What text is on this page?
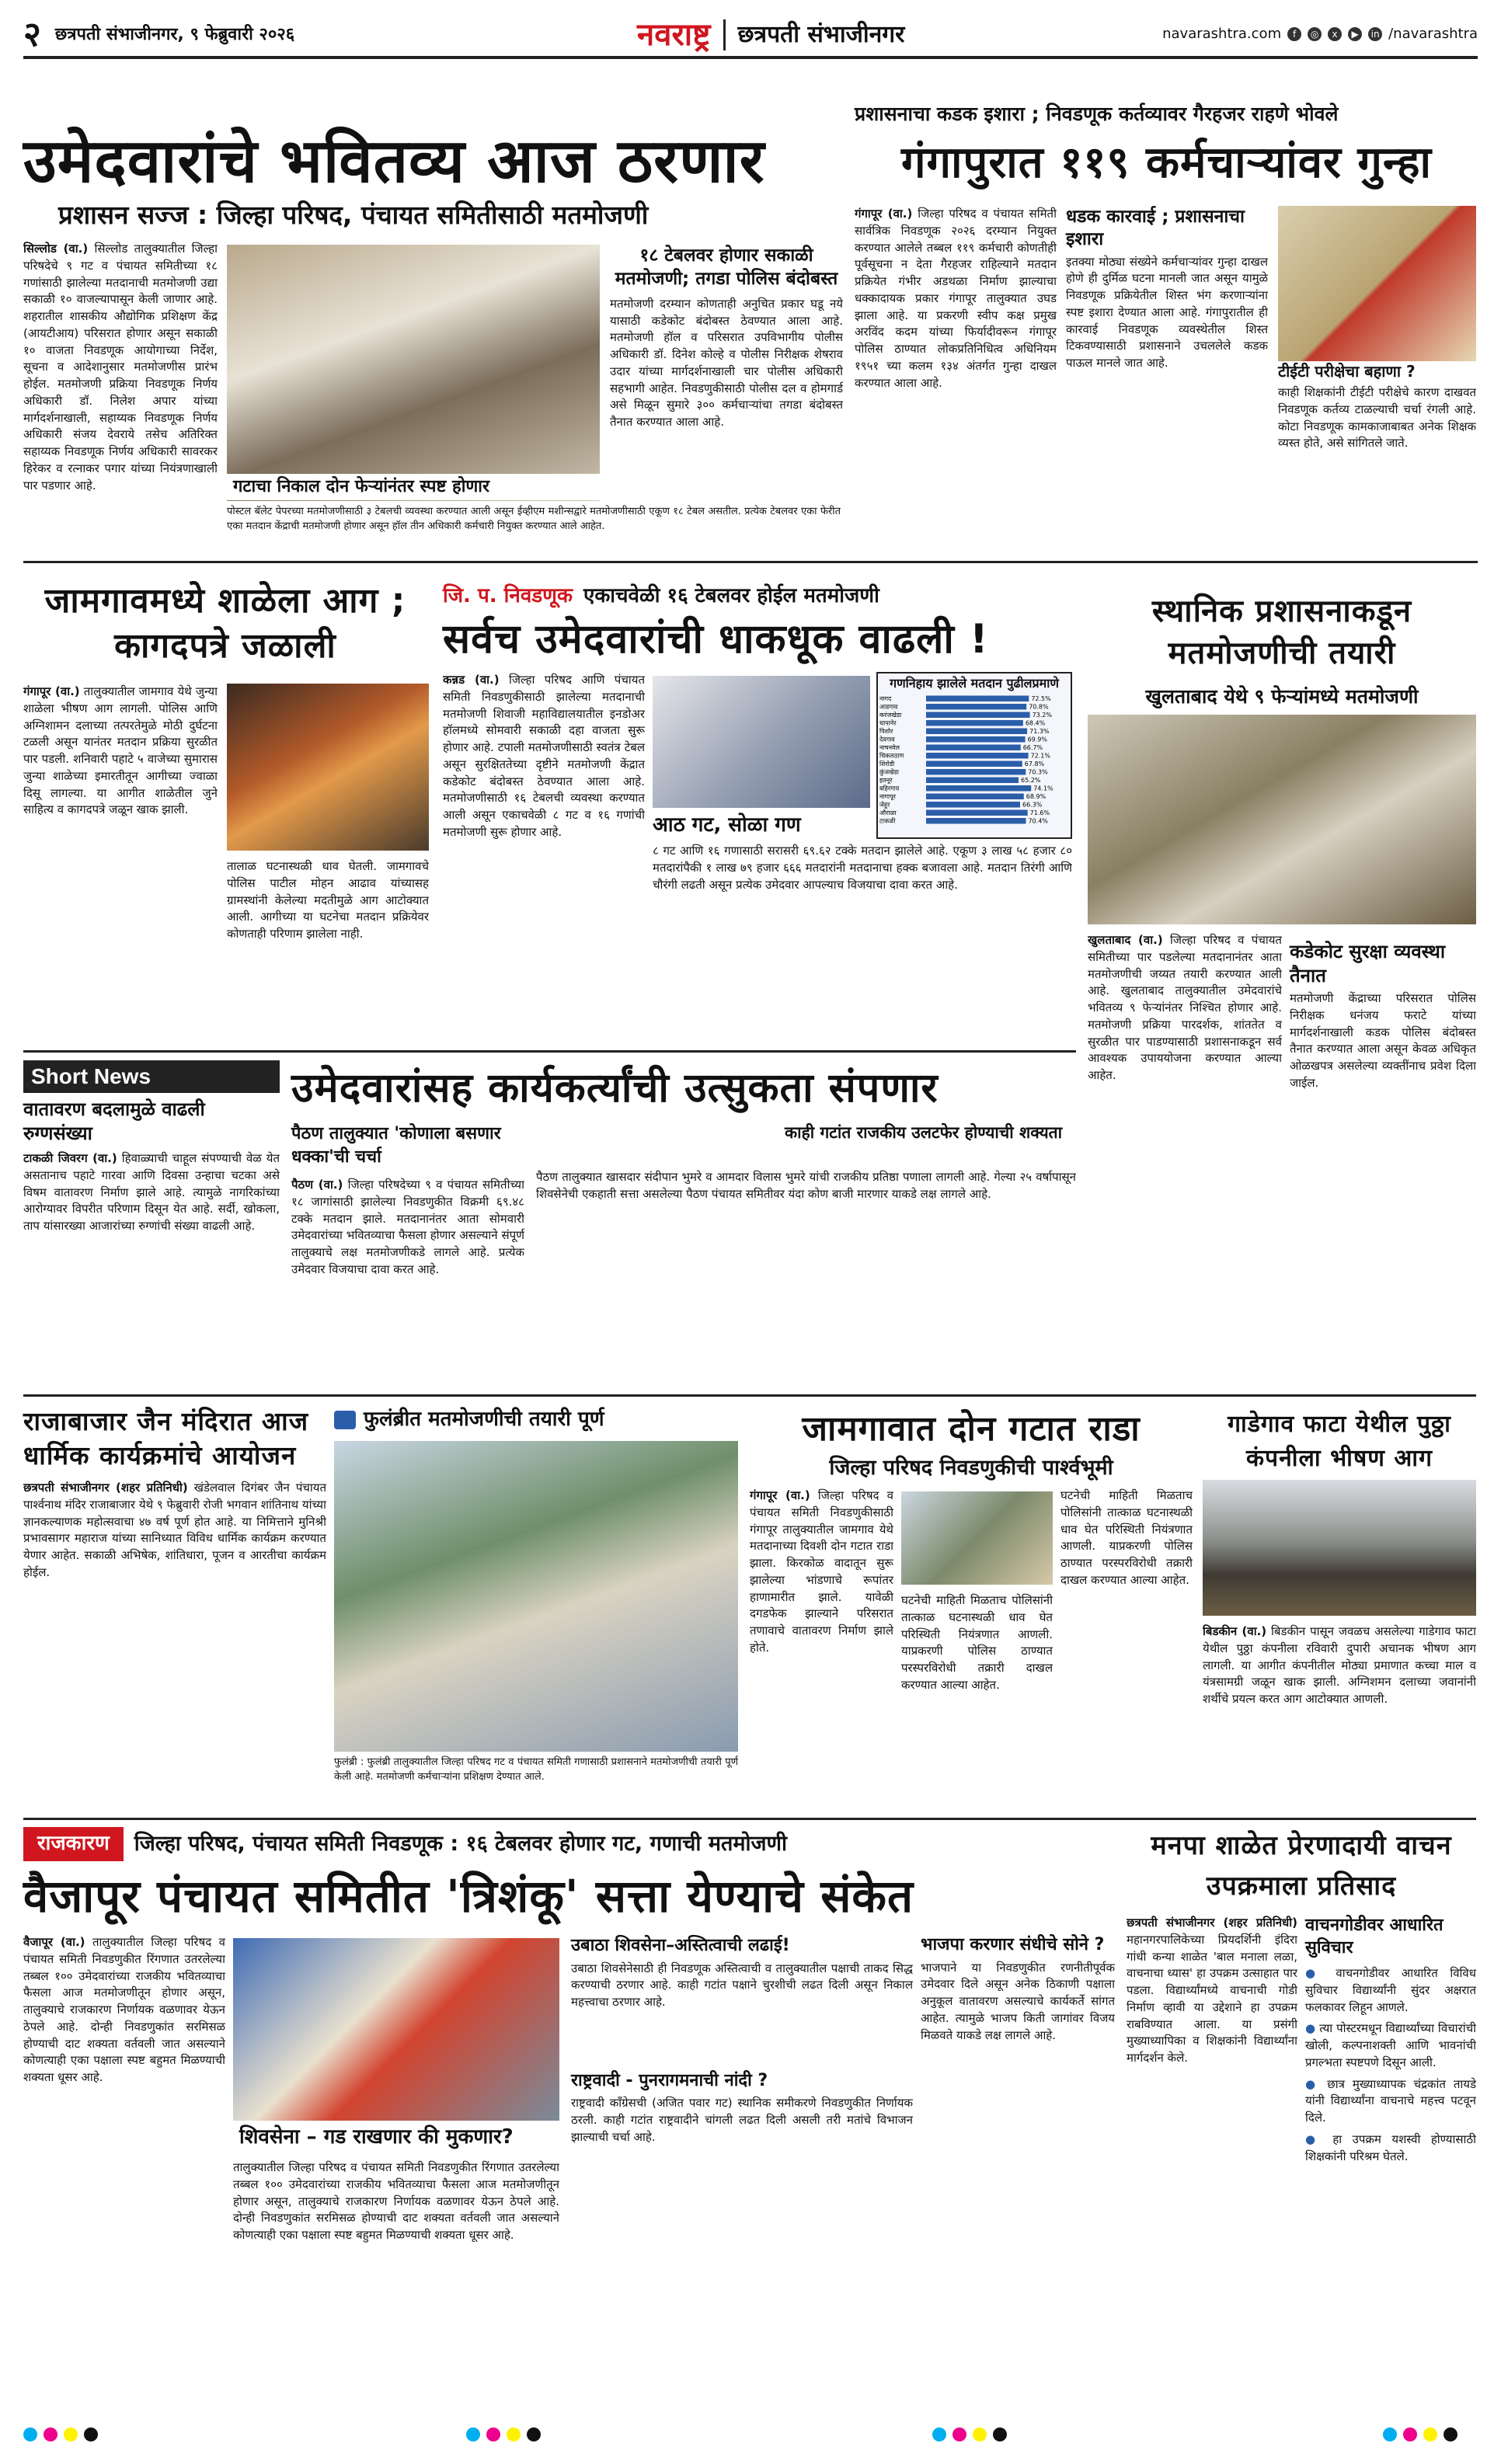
२ छत्रपती संभाजीनगर, ९ फेब्रुवारी २०२६	नवराष्ट्र	छत्रपती संभाजीनगर	navarashtra.com	f	◎	x	▶	in /navarashtra
उमेदवारांचे भवितव्य आज ठरणार
प्रशासन सज्ज : जिल्हा परिषद, पंचायत समितीसाठी मतमोजणी
सिल्लोड (वा.) सिल्लोड तालुक्यातील जिल्हा परिषदेचे ९ गट व पंचायत समितीच्या १८ गणांसाठी झालेल्या मतदानाची मतमोजणी उद्या सकाळी १० वाजल्यापासून केली जाणार आहे. शहरातील शासकीय औद्योगिक प्रशिक्षण केंद्र (आयटीआय) परिसरात होणार असून सकाळी १० वाजता निवडणूक आयोगाच्या निर्देश, सूचना व आदेशानुसार मतमोजणीस प्रारंभ होईल. मतमोजणी प्रक्रिया निवडणूक निर्णय अधिकारी डॉ. निलेश अपार यांच्या मार्गदर्शनाखाली, सहाय्यक निवडणूक निर्णय अधिकारी संजय देवराये तसेच अतिरिक्त सहाय्यक निवडणूक निर्णय अधिकारी सावरकर हिरेकर व रत्नाकर पगार यांच्या नियंत्रणाखाली पार पडणार आहे.	गटाचा निकाल दोन फेऱ्यांनंतर स्पष्ट होणार
पोस्टल बॅलेट पेपरच्या मतमोजणीसाठी ३ टेबलची व्यवस्था करण्यात आली असून ईव्हीएम मशीन्सद्वारे मतमोजणीसाठी एकूण १८ टेबल असतील. प्रत्येक टेबलवर एका फेरीत एका मतदान केंद्राची मतमोजणी होणार असून हॉल तीन अधिकारी कर्मचारी नियुक्त करण्यात आले आहेत.
१८ टेबलवर होणार सकाळी मतमोजणी; तगडा पोलिस बंदोबस्त
मतमोजणी दरम्यान कोणताही अनुचित प्रकार घडू नये यासाठी कडेकोट बंदोबस्त ठेवण्यात आला आहे. मतमोजणी हॉल व परिसरात उपविभागीय पोलीस अधिकारी डॉ. दिनेश कोल्हे व पोलीस निरीक्षक शेषराव उदार यांच्या मार्गदर्शनाखाली चार पोलीस अधिकारी सहभागी आहेत. निवडणुकीसाठी पोलीस दल व होमगार्ड असे मिळून सुमारे ३०० कर्मचाऱ्यांचा तगडा बंदोबस्त तैनात करण्यात आला आहे.
प्रशासनाचा कडक इशारा ; निवडणूक कर्तव्यावर गैरहजर राहणे भोवले
गंगापुरात ११९ कर्मचाऱ्यांवर गुन्हा
गंगापूर (वा.) जिल्हा परिषद व पंचायत समिती सार्वत्रिक निवडणूक २०२६ दरम्यान नियुक्त करण्यात आलेले तब्बल ११९ कर्मचारी कोणतीही पूर्वसूचना न देता गैरहजर राहिल्याने मतदान प्रक्रियेत गंभीर अडथळा निर्माण झाल्याचा धक्कादायक प्रकार गंगापूर तालुक्यात उघड झाला आहे. या प्रकरणी स्वीप कक्ष प्रमुख अरविंद कदम यांच्या फिर्यादीवरून गंगापूर पोलिस ठाण्यात लोकप्रतिनिधित्व अधिनियम १९५१ च्या कलम १३४ अंतर्गत गुन्हा दाखल करण्यात आला आहे.
धडक कारवाई ; प्रशासनाचा इशारा
इतक्या मोठ्या संख्येने कर्मचाऱ्यांवर गुन्हा दाखल होणे ही दुर्मिळ घटना मानली जात असून यामुळे निवडणूक प्रक्रियेतील शिस्त भंग करणाऱ्यांना स्पष्ट इशारा देण्यात आला आहे. गंगापुरातील ही कारवाई निवडणूक व्यवस्थेतील शिस्त टिकवण्यासाठी प्रशासनाने उचललेले कडक पाऊल मानले जात आहे.	टीईटी परीक्षेचा बहाणा ?
काही शिक्षकांनी टीईटी परीक्षेचे कारण दाखवत निवडणूक कर्तव्य टाळल्याची चर्चा रंगली आहे. कोटा निवडणूक कामकाजाबाबत अनेक शिक्षक व्यस्त होते, असे सांगितले जाते.
जामगावमध्ये शाळेला आग ; कागदपत्रे जळाली
गंगापूर (वा.) तालुक्यातील जामगाव येथे जुन्या शाळेला भीषण आग लागली. पोलिस आणि अग्निशामन दलाच्या तत्परतेमुळे मोठी दुर्घटना टळली असून यानंतर मतदान प्रक्रिया सुरळीत पार पडली. शनिवारी पहाटे ५ वाजेच्या सुमारास जुन्या शाळेच्या इमारतीतून आगीच्या ज्वाळा दिसू लागल्या. या आगीत शाळेतील जुने साहित्य व कागदपत्रे जळून खाक झाली.
तालाळ घटनास्थळी धाव घेतली. जामगावचे पोलिस पाटील मोहन आढाव यांच्यासह ग्रामस्थांनी केलेल्या मदतीमुळे आग आटोक्यात आली. आगीच्या या घटनेचा मतदान प्रक्रियेवर कोणताही परिणाम झालेला नाही.
जि. प. निवडणूक एकाचवेळी १६ टेबलवर होईल मतमोजणी
सर्वच उमेदवारांची धाकधूक वाढली !
कन्नड (वा.) जिल्हा परिषद आणि पंचायत समिती निवडणुकीसाठी झालेल्या मतदानाची मतमोजणी शिवाजी महाविद्यालयातील इनडोअर हॉलमध्ये सोमवारी सकाळी दहा वाजता सुरू होणार आहे. टपाली मतमोजणीसाठी स्वतंत्र टेबल असून सुरक्षिततेच्या दृष्टीने मतमोजणी केंद्रात कडेकोट बंदोबस्त ठेवण्यात आला आहे. मतमोजणीसाठी १६ टेबलची व्यवस्था करण्यात आली असून एकाचवेळी ८ गट व १६ गणांची मतमोजणी सुरू होणार आहे.	आठ गट, सोळा गण
८ गट आणि १६ गणासाठी सरासरी ६९.६२ टक्के मतदान झालेले आहे. एकूण ३ लाख ५८ हजार ८० मतदारांपैकी १ लाख ७९ हजार ६६६ मतदारांनी मतदानाचा हक्क बजावला आहे. मतदान तिरंगी आणि चौरंगी लढती असून प्रत्येक उमेदवार आपल्याच विजयाचा दावा करत आहे.
गणनिहाय झालेले मतदान पुढीलप्रमाणे
नागद	72.5%
आडगाव	70.8%
करंजखेडा	73.2%
चापानेर	68.4%
पिशोर	71.3%
देवगाव	69.9%
नाचनवेल	66.7%
चिकलठाण	72.1%
शिरोडी	67.8%
कुंजखेडा	70.3%
हतनूर	65.2%
बहिरगाव	74.1%
नागापूर	68.9%
जेहूर	66.3%
औराळा	71.6%
टाकळी	70.4%
स्थानिक प्रशासनाकडून मतमोजणीची तयारी
खुलताबाद येथे ९ फेऱ्यांमध्ये मतमोजणी
खुलताबाद (वा.) जिल्हा परिषद व पंचायत समितीच्या पार पडलेल्या मतदानानंतर आता मतमोजणीची जय्यत तयारी करण्यात आली आहे. खुलताबाद तालुक्यातील उमेदवारांचे भवितव्य ९ फेऱ्यांनंतर निश्चित होणार आहे. मतमोजणी प्रक्रिया पारदर्शक, शांततेत व सुरळीत पार पाडण्यासाठी प्रशासनाकडून सर्व आवश्यक उपाययोजना करण्यात आल्या आहेत.
कडेकोट सुरक्षा व्यवस्था तैनात
मतमोजणी केंद्राच्या परिसरात पोलिस निरीक्षक धनंजय फराटे यांच्या मार्गदर्शनाखाली कडक पोलिस बंदोबस्त तैनात करण्यात आला असून केवळ अधिकृत ओळखपत्र असलेल्या व्यक्तींनाच प्रवेश दिला जाईल.
Short News
वातावरण बदलामुळे वाढली रुग्णसंख्या
टाकळी जिवरग (वा.) हिवाळ्याची चाहूल संपण्याची वेळ येत असतानाच पहाटे गारवा आणि दिवसा उन्हाचा चटका असे विषम वातावरण निर्माण झाले आहे. त्यामुळे नागरिकांच्या आरोग्यावर विपरीत परिणाम दिसून येत आहे. सर्दी, खोकला, ताप यांसारख्या आजारांच्या रुग्णांची संख्या वाढली आहे.
उमेदवारांसह कार्यकर्त्यांची उत्सुकता संपणार
पैठण तालुक्यात 'कोणाला बसणार धक्का'ची चर्चा
पैठण (वा.) जिल्हा परिषदेच्या ९ व पंचायत समितीच्या १८ जागांसाठी झालेल्या निवडणुकीत विक्रमी ६९.४८ टक्के मतदान झाले. मतदानानंतर आता सोमवारी उमेदवारांच्या भवितव्याचा फैसला होणार असल्याने संपूर्ण तालुक्याचे लक्ष मतमोजणीकडे लागले आहे. प्रत्येक उमेदवार विजयाचा दावा करत आहे.
काही गटांत राजकीय उलटफेर होण्याची शक्यता
पैठण तालुक्यात खासदार संदीपान भुमरे व आमदार विलास भुमरे यांची राजकीय प्रतिष्ठा पणाला लागली आहे. गेल्या २५ वर्षापासून शिवसेनेची एकहाती सत्ता असलेल्या पैठण पंचायत समितीवर यंदा कोण बाजी मारणार याकडे लक्ष लागले आहे.
राजाबाजार जैन मंदिरात आज धार्मिक कार्यक्रमांचे आयोजन
छत्रपती संभाजीनगर (शहर प्रतिनिधी) खंडेलवाल दिगंबर जैन पंचायत पार्श्वनाथ मंदिर राजाबाजार येथे ९ फेब्रुवारी रोजी भगवान शांतिनाथ यांच्या ज्ञानकल्याणक महोत्सवाचा ४७ वर्ष पूर्ण होत आहे. या निमित्ताने मुनिश्री प्रभावसागर महाराज यांच्या सानिध्यात विविध धार्मिक कार्यक्रम करण्यात येणार आहेत. सकाळी अभिषेक, शांतिधारा, पूजन व आरतीचा कार्यक्रम होईल.
फुलंब्रीत मतमोजणीची तयारी पूर्ण
फुलंब्री : फुलंब्री तालुक्यातील जिल्हा परिषद गट व पंचायत समिती गणासाठी प्रशासनाने मतमोजणीची तयारी पूर्ण केली आहे. मतमोजणी कर्मचाऱ्यांना प्रशिक्षण देण्यात आले.
जामगावात दोन गटात राडा
जिल्हा परिषद निवडणुकीची पार्श्वभूमी
गंगापूर (वा.) जिल्हा परिषद व पंचायत समिती निवडणुकीसाठी गंगापूर तालुक्यातील जामगाव येथे मतदानाच्या दिवशी दोन गटात राडा झाला. किरकोळ वादातून सुरू झालेल्या भांडणाचे रूपांतर हाणामारीत झाले. यावेळी दगडफेक झाल्याने परिसरात तणावाचे वातावरण निर्माण झाले होते.
घटनेची माहिती मिळताच पोलिसांनी तात्काळ घटनास्थळी धाव घेत परिस्थिती नियंत्रणात आणली. याप्रकरणी पोलिस ठाण्यात परस्परविरोधी तक्रारी दाखल करण्यात आल्या आहेत.
घटनेची माहिती मिळताच पोलिसांनी तात्काळ घटनास्थळी धाव घेत परिस्थिती नियंत्रणात आणली. याप्रकरणी पोलिस ठाण्यात परस्परविरोधी तक्रारी दाखल करण्यात आल्या आहेत.
गाडेगाव फाटा येथील पुठ्ठा कंपनीला भीषण आग
बिडकीन (वा.) बिडकीन पासून जवळच असलेल्या गाडेगाव फाटा येथील पुठ्ठा कंपनीला रविवारी दुपारी अचानक भीषण आग लागली. या आगीत कंपनीतील मोठ्या प्रमाणात कच्चा माल व यंत्रसामग्री जळून खाक झाली. अग्निशमन दलाच्या जवानांनी शर्थीचे प्रयत्न करत आग आटोक्यात आणली.
राजकारण	जिल्हा परिषद, पंचायत समिती निवडणूक : १६ टेबलवर होणार गट, गणाची मतमोजणी
वैजापूर पंचायत समितीत 'त्रिशंकू' सत्ता येण्याचे संकेत
वैजापूर (वा.) तालुक्यातील जिल्हा परिषद व पंचायत समिती निवडणुकीत रिंगणात उतरलेल्या तब्बल १०० उमेदवारांच्या राजकीय भवितव्याचा फैसला आज मतमोजणीतून होणार असून, तालुक्याचे राजकारण निर्णायक वळणावर येऊन ठेपले आहे. दोन्ही निवडणुकांत सरमिसळ होण्याची दाट शक्यता वर्तवली जात असल्याने कोणत्याही एका पक्षाला स्पष्ट बहुमत मिळण्याची शक्यता धूसर आहे.
शिवसेना – गड राखणार की मुकणार?
तालुक्यातील जिल्हा परिषद व पंचायत समिती निवडणुकीत रिंगणात उतरलेल्या तब्बल १०० उमेदवारांच्या राजकीय भवितव्याचा फैसला आज मतमोजणीतून होणार असून, तालुक्याचे राजकारण निर्णायक वळणावर येऊन ठेपले आहे. दोन्ही निवडणुकांत सरमिसळ होण्याची दाट शक्यता वर्तवली जात असल्याने कोणत्याही एका पक्षाला स्पष्ट बहुमत मिळण्याची शक्यता धूसर आहे.
उबाठा शिवसेना–अस्तित्वाची लढाई!
उबाठा शिवसेनेसाठी ही निवडणूक अस्तित्वाची व तालुक्यातील पक्षाची ताकद सिद्ध करण्याची ठरणार आहे. काही गटांत पक्षाने चुरशीची लढत दिली असून निकाल महत्त्वाचा ठरणार आहे.
राष्ट्रवादी - पुनरागमनाची नांदी ?
राष्ट्रवादी काँग्रेसची (अजित पवार गट) स्थानिक समीकरणे निवडणुकीत निर्णायक ठरली. काही गटांत राष्ट्रवादीने चांगली लढत दिली असली तरी मतांचे विभाजन झाल्याची चर्चा आहे.
भाजपा करणार संधीचे सोने ?
भाजपाने या निवडणुकीत रणनीतीपूर्वक उमेदवार दिले असून अनेक ठिकाणी पक्षाला अनुकूल वातावरण असल्याचे कार्यकर्ते सांगत आहेत. त्यामुळे भाजप किती जागांवर विजय मिळवते याकडे लक्ष लागले आहे.
मनपा शाळेत प्रेरणादायी वाचन उपक्रमाला प्रतिसाद
छत्रपती संभाजीनगर (शहर प्रतिनिधी) महानगरपालिकेच्या प्रियदर्शिनी इंदिरा गांधी कन्या शाळेत 'बाल मनाला लळा, वाचनाचा ध्यास' हा उपक्रम उत्साहात पार पडला. विद्यार्थ्यांमध्ये वाचनाची गोडी निर्माण व्हावी या उद्देशाने हा उपक्रम राबविण्यात आला. या प्रसंगी मुख्याध्यापिका व शिक्षकांनी विद्यार्थ्यांना मार्गदर्शन केले.
वाचनगोडीवर आधारित सुविचार
● वाचनगोडीवर आधारित विविध सुविचार विद्यार्थ्यांनी सुंदर अक्षरात फलकावर लिहून आणले.
● त्या पोस्टरमधून विद्यार्थ्यांच्या विचारांची खोली, कल्पनाशक्ती आणि भावनांची प्रगल्भता स्पष्टपणे दिसून आली.
● छात्र मुख्याध्यापक चंद्रकांत तायडे यांनी विद्यार्थ्यांना वाचनाचे महत्त्व पटवून दिले.
● हा उपक्रम यशस्वी होण्यासाठी शिक्षकांनी परिश्रम घेतले.
